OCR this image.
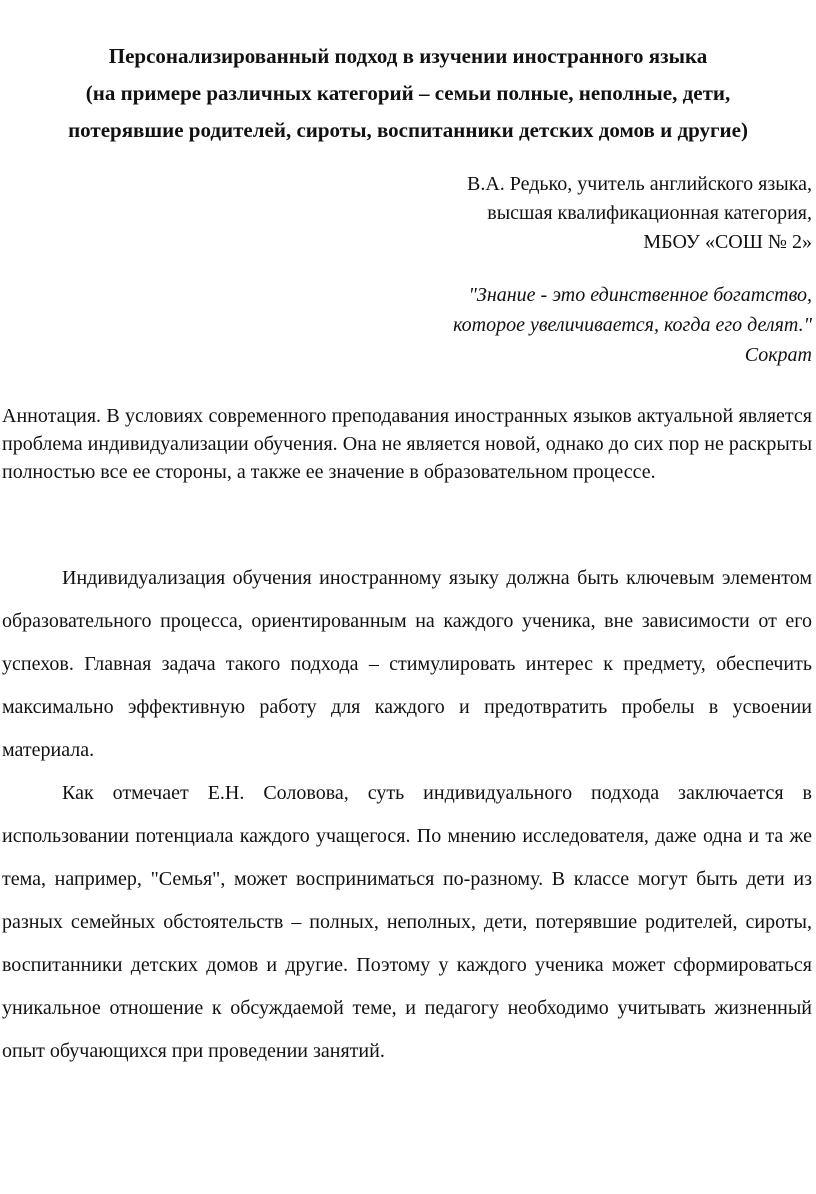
Персонализированный подход в изучении иностранного языка
(на примере различных категорий – семьи полные, неполные, дети,
потерявшие родителей, сироты, воспитанники детских домов и другие)
В.А. Редько, учитель английского языка,
высшая квалификационная категория,
МБОУ «СОШ № 2»
"Знание - это единственное богатство,
которое увеличивается, когда его делят."
Сократ
Аннотация. В условиях современного преподавания иностранных языков актуальной является проблема индивидуализации обучения. Она не является новой, однако до сих пор не раскрыты полностью все ее стороны, а также ее значение в образовательном процессе.

Индивидуализация обучения иностранному языку должна быть ключевым элементом образовательного процесса, ориентированным на каждого ученика, вне зависимости от его успехов. Главная задача такого подхода – стимулировать интерес к предмету, обеспечить максимально эффективную работу для каждого и предотвратить пробелы в усвоении материала.

Как отмечает Е.Н. Соловова, суть индивидуального подхода заключается в использовании потенциала каждого учащегося. По мнению исследователя, даже одна и та же тема, например, "Семья", может восприниматься по-разному. В классе могут быть дети из разных семейных обстоятельств – полных, неполных, дети, потерявшие родителей, сироты, воспитанники детских домов и другие. Поэтому у каждого ученика может сформироваться уникальное отношение к обсуждаемой теме, и педагогу необходимо учитывать жизненный опыт обучающихся при проведении занятий.
